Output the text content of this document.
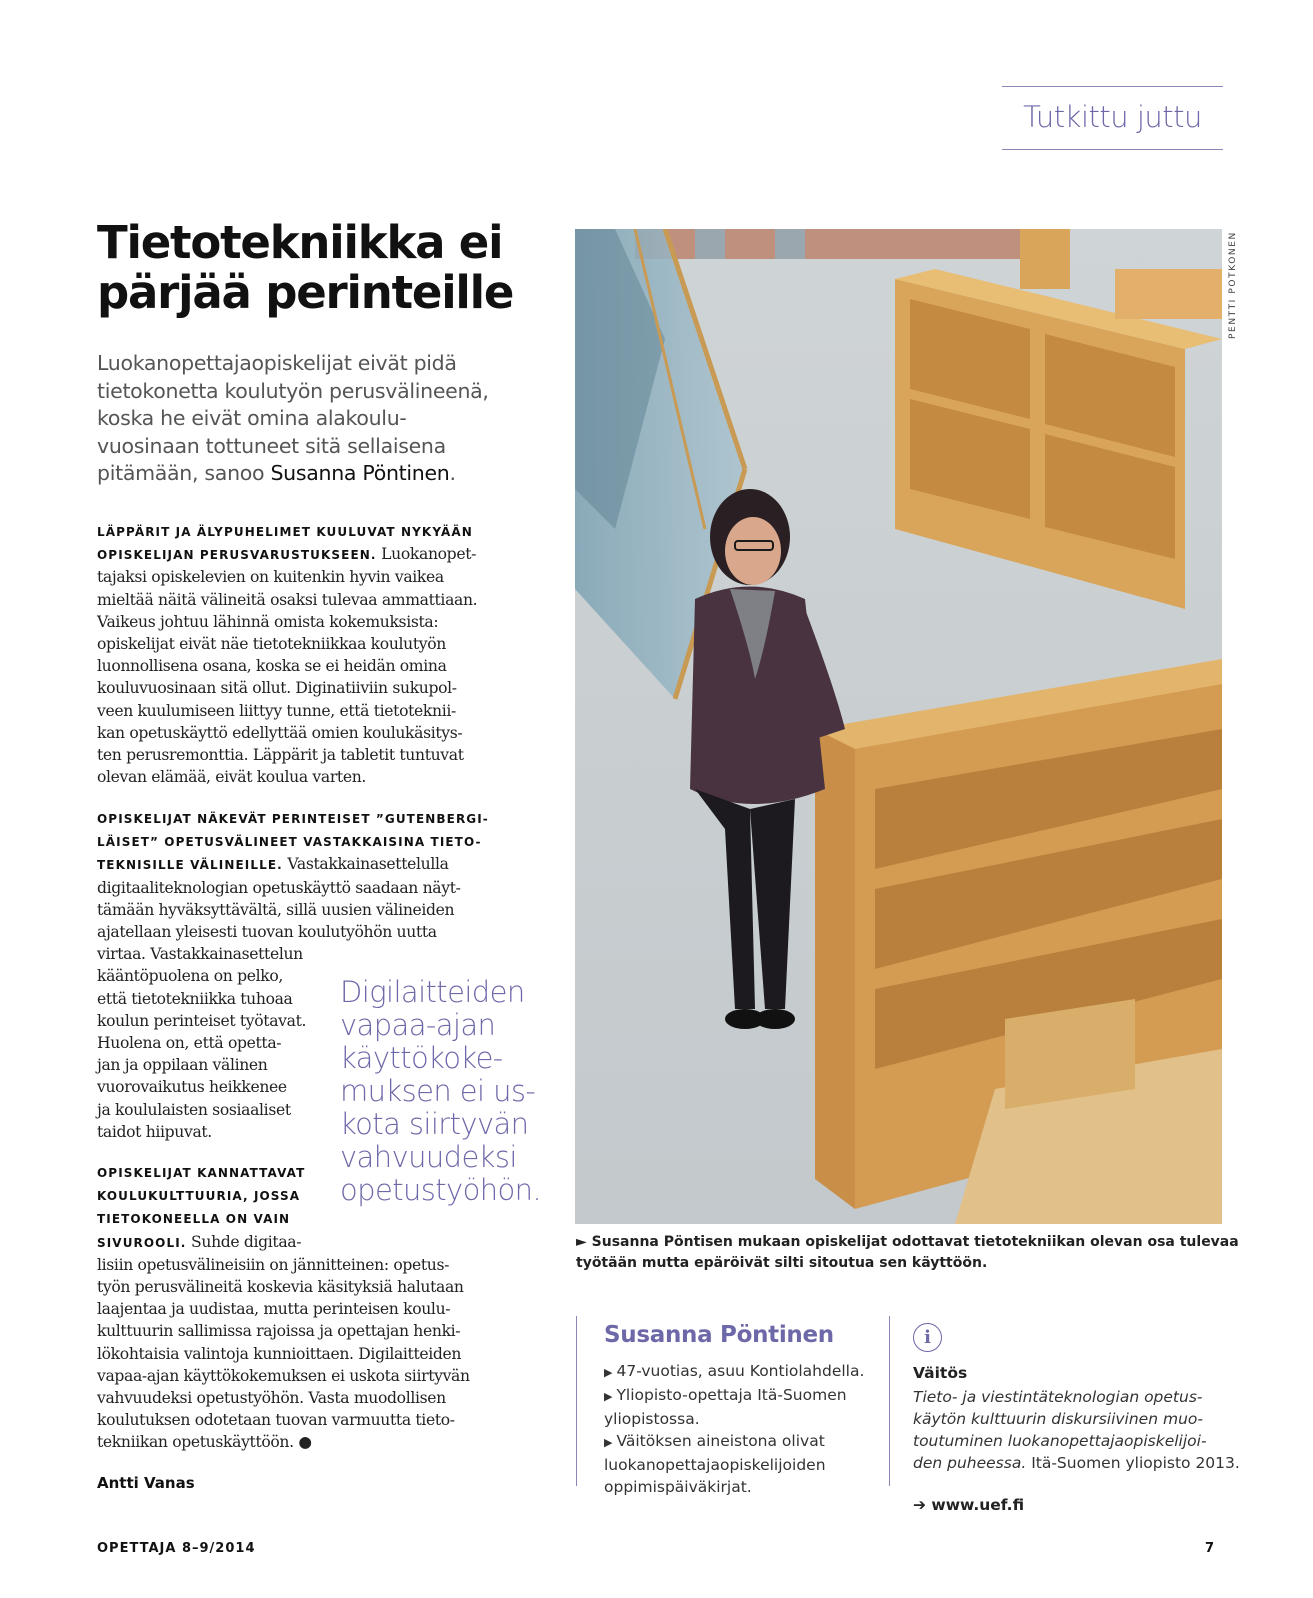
Tutkittu juttu
Tietotekniikka ei
pärjää perinteille

Luokanopettajaopiskelijat eivät pidä
tietokonetta koulutyön perusvälineenä,
koska he eivät omina alakoulu-
vuosinaan tottuneet sitä sellaisena
pitämään, sanoo Susanna Pöntinen.

LÄPPÄRIT JA ÄLYPUHELIMET KUULUVAT NYKYÄÄN
OPISKELIJAN PERUSVARUSTUKSEEN. Luokanopet-
tajaksi opiskelevien on kuitenkin hyvin vaikea
mieltää näitä välineitä osaksi tulevaa ammattiaan.
Vaikeus johtuu lähinnä omista kokemuksista:
opiskelijat eivät näe tietotekniikkaa koulutyön
luonnollisena osana, koska se ei heidän omina
kouluvuosinaan sitä ollut. Diginatiiviin sukupol-
veen kuulumiseen liittyy tunne, että tietoteknii-
kan opetuskäyttö edellyttää omien koulukäsitys-
ten perusremonttia. Läppärit ja tabletit tuntuvat
olevan elämää, eivät koulua varten.

OPISKELIJAT NÄKEVÄT PERINTEISET ”GUTENBERGI-
LÄISET” OPETUSVÄLINEET VASTAKKAISINA TIETO-
TEKNISILLE VÄLINEILLE. Vastakkainasettelulla
digitaaliteknologian opetuskäyttö saadaan näyt-
tämään hyväksyttävältä, sillä uusien välineiden
ajatellaan yleisesti tuovan koulutyöhön uutta
virtaa. Vastakkainasettelun
kääntöpuolena on pelko,
että tietotekniikka tuhoaa
koulun perinteiset työtavat.
Huolena on, että opetta-
jan ja oppilaan välinen
vuorovaikutus heikkenee
ja koululaisten sosiaaliset
taidot hiipuvat.

OPISKELIJAT KANNATTAVAT
KOULUKULTTUURIA, JOSSA
TIETOKONEELLA ON VAIN
SIVUROOLI. Suhde digitaa-
lisiin opetusvälineisiin on jännitteinen: opetus-
työn perusvälineitä koskevia käsityksiä halutaan
laajentaa ja uudistaa, mutta perinteisen koulu-
kulttuurin sallimissa rajoissa ja opettajan henki-
lökohtaisia valintoja kunnioittaen. Digilaitteiden
vapaa-ajan käyttökokemuksen ei uskota siirtyvän
vahvuudeksi opetustyöhön. Vasta muodollisen
koulutuksen odotetaan tuovan varmuutta tieto-
tekniikan opetuskäyttöön. ●

Digilaitteiden
vapaa-ajan
käyttökoke-
muksen ei us-
kota siirtyvän
vahvuudeksi
opetustyöhön.
Antti Vanas
PENTTI POTKONEN

► Susanna Pöntisen mukaan opiskelijat odottavat tietotekniikan olevan osa tulevaa
työtään mutta epäröivät silti sitoutua sen käyttöön.

Susanna Pöntinen
▶ 47-vuotias, asuu Kontiolahdella.
▶ Yliopisto-opettaja Itä-Suomen yliopistossa.
▶ Väitöksen aineistona olivat luokanopettajaopiskelijoiden oppimispäiväkirjat.
i
Väitös

Tieto- ja viestintäteknologian opetus-
käytön kulttuurin diskursiivinen muo-
toutuminen luokanopettajaopiskelijoi-
den puheessa. Itä-Suomen yliopisto 2013.

➔ www.uef.fi
OPETTAJA 8–9/2014	7
